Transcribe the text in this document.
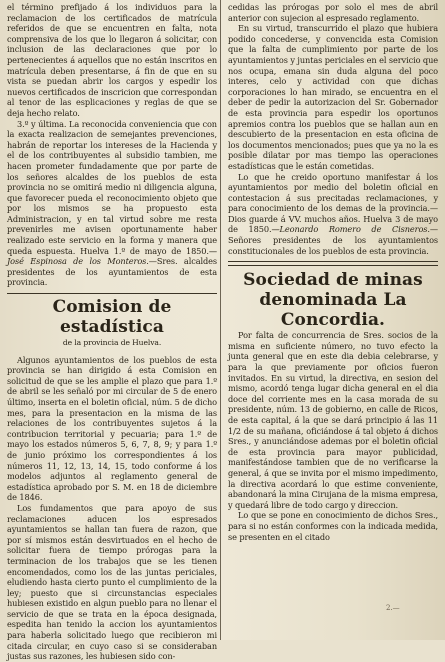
el término prefijado á los individuos para la reclamacion de los certificados de matrícula referidos de que se encuentren en falta, nota comprensiva de los que lo llegaron á solicitar, con inclusion de las declaraciones que por lo pertenecientes á aquellos que no están inscritos en matrícula deben presentarse, á fin de que en su vista se puedan abrir los cargos y espedir los nuevos certificados de inscricion que correspondan al tenor de las esplicaciones y reglas de que se deja hecho relato.

3.º y última. La reconocida conveniencia que con la exacta realizacion de semejantes prevenciones, habrán de reportar los intereses de la Hacienda y el de los contribuyentes al subsidio tambien, me hacen prometer fundadamente que por parte de los señores alcaldes de los pueblos de esta provincia no se omitirá medio ni diligencia alguna, que favorecer pueda el reconocimiento objeto que por los mismos se ha propuesto esta Administracion, y en tal virtud sobre me resta prevenirles me avisen oportunamente haber realizado este servicio en la forma y manera que queda espuesta. Huelva 1.º de mayo de 1850.—José Espinosa de los Monteros.—Sres. alcaldes presidentes de los ayuntamientos de esta provincia.

Comision de estadística
de la provincia de Huelva.

Algunos ayuntamientos de los pueblos de esta provincia se han dirigido á esta Comision en solicitud de que se les amplie el plazo que para 1.º de abril se les señaló por mi circular de 5 de enero último, inserta en el boletin oficial, núm. 5 de dicho mes, para la presentacion en la misma de las relaciones de los contribuyentes sujetos á la contribucion territorial y pecuaria; para 1.º de mayo los estados números 5, 6, 7, 8, 9; y para 1.º de junio próximo los correspondientes á los números 11, 12, 13, 14, 15, todo conforme á los modelos adjuntos al reglamento general de estadística aprobado por S. M. en 18 de diciembre de 1846.

Los fundamentos que para apoyo de sus reclamaciones aducen los espresados ayuntamientos se hallan tan fuera de razon, que por sí mismos están desvirtuados en el hecho de solicitar fuera de tiempo prórogas para la terminacion de los trabajos que se les tienen encomendados, como los de las juntas periciales, eludiendo hasta cierto punto el cumplimiento de la ley; puesto que si circunstancias especiales hubiesen existido en algun pueblo para no llenar el servicio de que se trata en la época designada, espedita han tenido la accion los ayuntamientos para haberla solicitado luego que recibieron mi citada circular, en cuyo caso si se consideraban justas sus razones, les hubiesen sido con-

cedidas las prórogas por solo el mes de abril anterior con sujecion al espresado reglamento.

En su virtud, transcurrido el plazo que hubiera podido concederse, y convencida esta Comision que la falta de cumplimiento por parte de los ayuntamientos y juntas periciales en el servicio que nos ocupa, emana sin duda alguna del poco interes, celo y actividad con que dichas corporaciones lo han mirado, se encuentra en el deber de pedir la autorizacion del Sr. Gobernador de esta provincia para espedir los oportunos apremios contra los pueblos que se hallan aun en descubierto de la presentacion en esta oficina de los documentos mencionados; pues que ya no la es posible dilatar por mas tiempo las operaciones estadísticas que le están cometidas.

Lo que he creido oportuno manifestar á los ayuntamientos por medio del boletin oficial en contestacion á sus precitadas reclamaciones, y para conocimiento de los demas de la provincia.—Dios guarde á VV. muchos años. Huelva 3 de mayo de 1850.—Leonardo Romero de Cisneros.—Señores presidentes de los ayuntamientos constitucionales de los pueblos de esta provincia.

Sociedad de minas denominada La Concordia.

Por falta de concurrencia de Sres. socios de la misma en suficiente número, no tuvo efecto la junta general que en este dia debia celebrarse, y para la que previamente por oficios fueron invitados. En su virtud, la directiva, en sesion del mismo, acordó tenga lugar dicha general en el dia doce del corriente mes en la casa morada de su presidente, núm. 13 de gobierno, en calle de Ricos, de esta capital, á la que se dará principio á las 11 1/2 de su mañana, oficiándose á tal objeto á dichos Sres., y anunciándose ademas por el boletin oficial de esta provincia para mayor publicidad, manifestándose tambien que de no verificarse la general, á que se invita por el mismo impedimento, la directiva acordará lo que estime conveniente, abandonará la mina Cirujana de la misma empresa, y quedará libre de todo cargo y direccion.

Lo que se pone en conocimiento de dichos Sres., para si no están conformes con la indicada medida, se presenten en el citado

2.—
